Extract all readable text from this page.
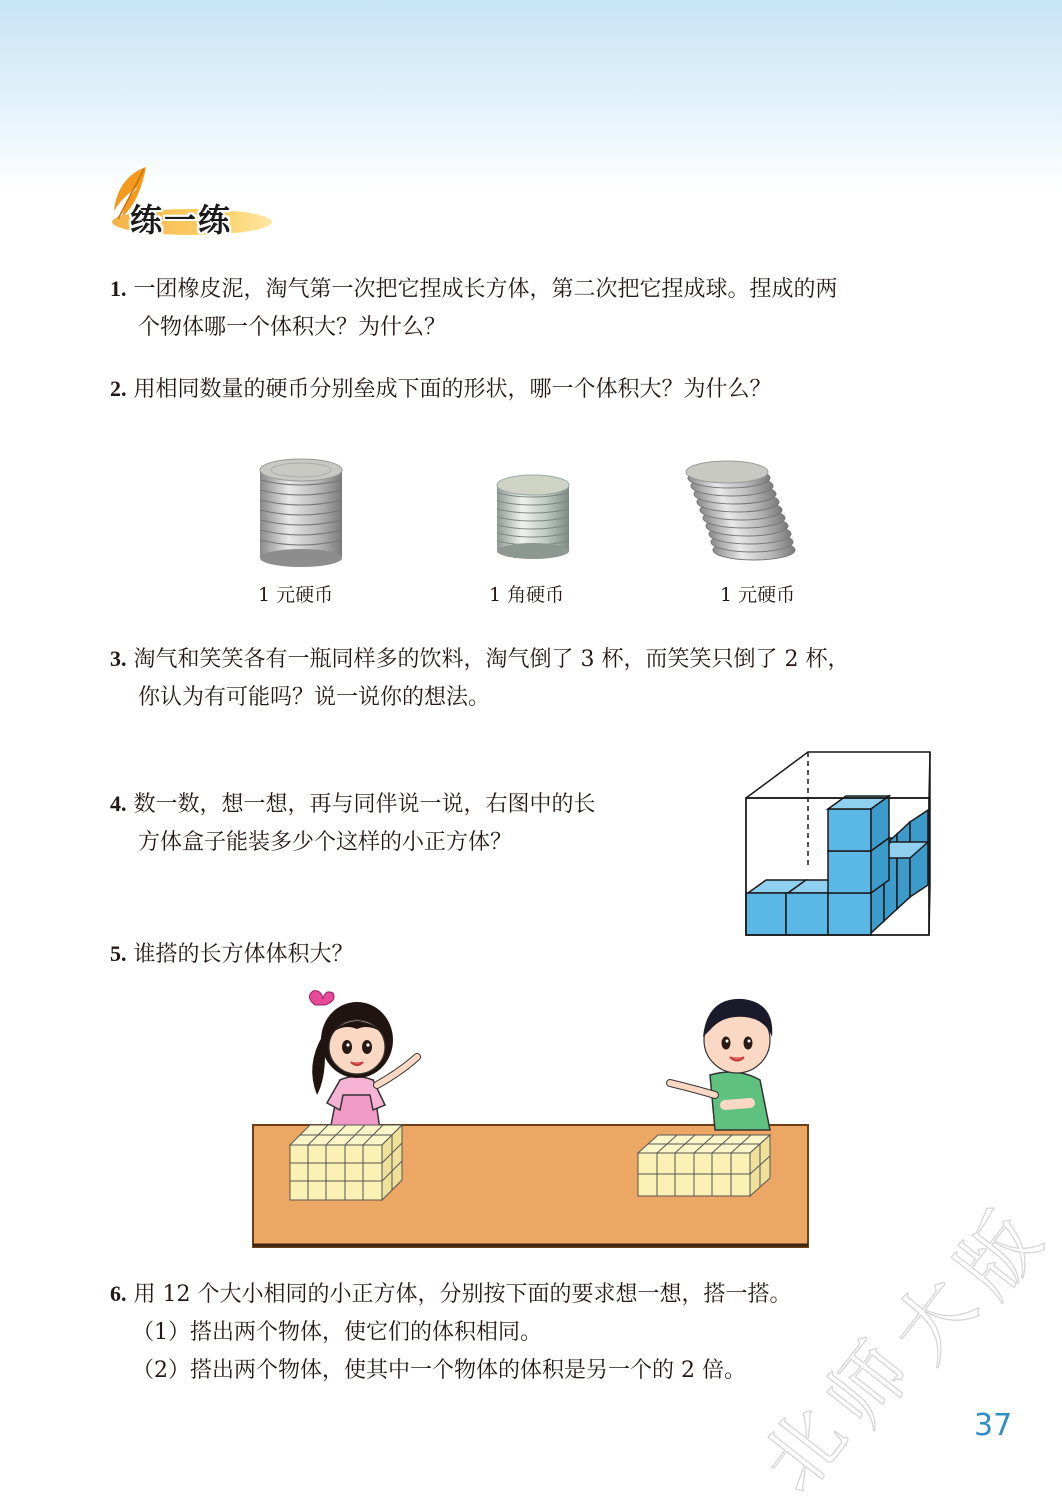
练一练
1. 一团橡皮泥，淘气第一次把它捏成长方体，第二次把它捏成球。捏成的两
个物体哪一个体积大？为什么？
2. 用相同数量的硬币分别垒成下面的形状，哪一个体积大？为什么？
1 元硬币	1 角硬币	1 元硬币
3. 淘气和笑笑各有一瓶同样多的饮料，淘气倒了 3 杯，而笑笑只倒了 2 杯，
你认为有可能吗？说一说你的想法。
4. 数一数，想一想，再与同伴说一说，右图中的长
方体盒子能装多少个这样的小正方体？
5. 谁搭的长方体体积大？
6. 用 12 个大小相同的小正方体，分别按下面的要求想一想，搭一搭。
（1）搭出两个物体，使它们的体积相同。
（2）搭出两个物体，使其中一个物体的体积是另一个的 2 倍。
北
师
大
版
37
